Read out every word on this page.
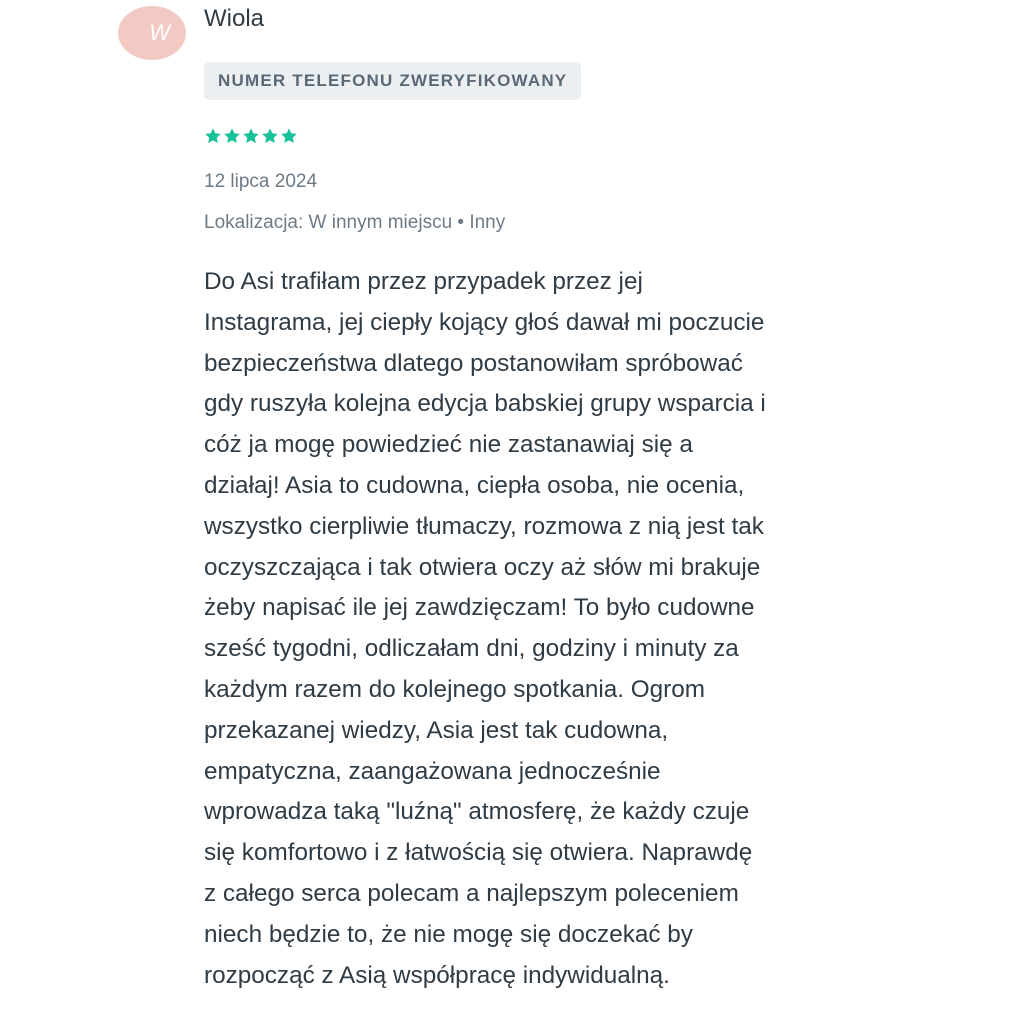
W
Wiola
NUMER TELEFONU ZWERYFIKOWANY
12 lipca 2024
Lokalizacja: W innym miejscu • Inny
Do Asi trafiłam przez przypadek przez jej
Instagrama, jej ciepły kojący głoś dawał mi poczucie
bezpieczeństwa dlatego postanowiłam spróbować
gdy ruszyła kolejna edycja babskiej grupy wsparcia i
cóż ja mogę powiedzieć nie zastanawiaj się a
działaj! Asia to cudowna, ciepła osoba, nie ocenia,
wszystko cierpliwie tłumaczy, rozmowa z nią jest tak
oczyszczająca i tak otwiera oczy aż słów mi brakuje
żeby napisać ile jej zawdzięczam! To było cudowne
sześć tygodni, odliczałam dni, godziny i minuty za
każdym razem do kolejnego spotkania. Ogrom
przekazanej wiedzy, Asia jest tak cudowna,
empatyczna, zaangażowana jednocześnie
wprowadza taką "luźną" atmosferę, że każdy czuje
się komfortowo i z łatwością się otwiera. Naprawdę
z całego serca polecam a najlepszym poleceniem
niech będzie to, że nie mogę się doczekać by
rozpocząć z Asią współpracę indywidualną.
